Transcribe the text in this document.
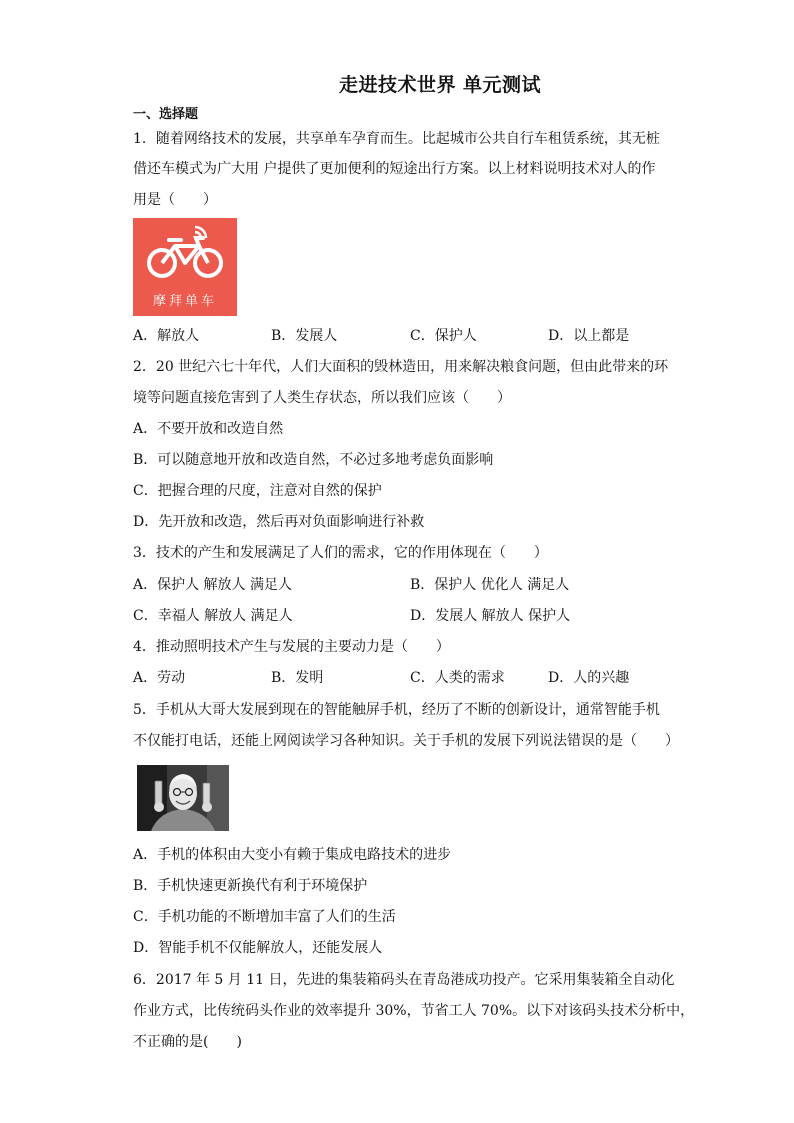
走进技术世界 单元测试
一、选择题
1．随着网络技术的发展，共享单车孕育而生。比起城市公共自行车租赁系统，其无桩
借还车模式为广大用 户提供了更加便利的短途出行方案。以上材料说明技术对人的作
用是（　　）
摩拜单车
A．解放人	B．发展人	C．保护人	D．以上都是
2．20 世纪六七十年代，人们大面积的毁林造田，用来解决粮食问题，但由此带来的环
境等问题直接危害到了人类生存状态，所以我们应该（　　）
A．不要开放和改造自然
B．可以随意地开放和改造自然，不必过多地考虑负面影响
C．把握合理的尺度，注意对自然的保护
D．先开放和改造，然后再对负面影响进行补救
3．技术的产生和发展满足了人们的需求，它的作用体现在（　　）
A．保护人 解放人 满足人	B．保护人 优化人 满足人
C．幸福人 解放人 满足人	D．发展人 解放人 保护人
4．推动照明技术产生与发展的主要动力是（　　）
A．劳动	B．发明	C．人类的需求	D．人的兴趣
5．手机从大哥大发展到现在的智能触屏手机，经历了不断的创新设计，通常智能手机
不仅能打电话，还能上网阅读学习各种知识。关于手机的发展下列说法错误的是（　　）
A．手机的体积由大变小有赖于集成电路技术的进步
B．手机快速更新换代有利于环境保护
C．手机功能的不断增加丰富了人们的生活
D．智能手机不仅能解放人，还能发展人
6．2017 年 5 月 11 日，先进的集装箱码头在青岛港成功投产。它采用集装箱全自动化
作业方式，比传统码头作业的效率提升 30%，节省工人 70%。以下对该码头技术分析中，
不正确的是(　　)
